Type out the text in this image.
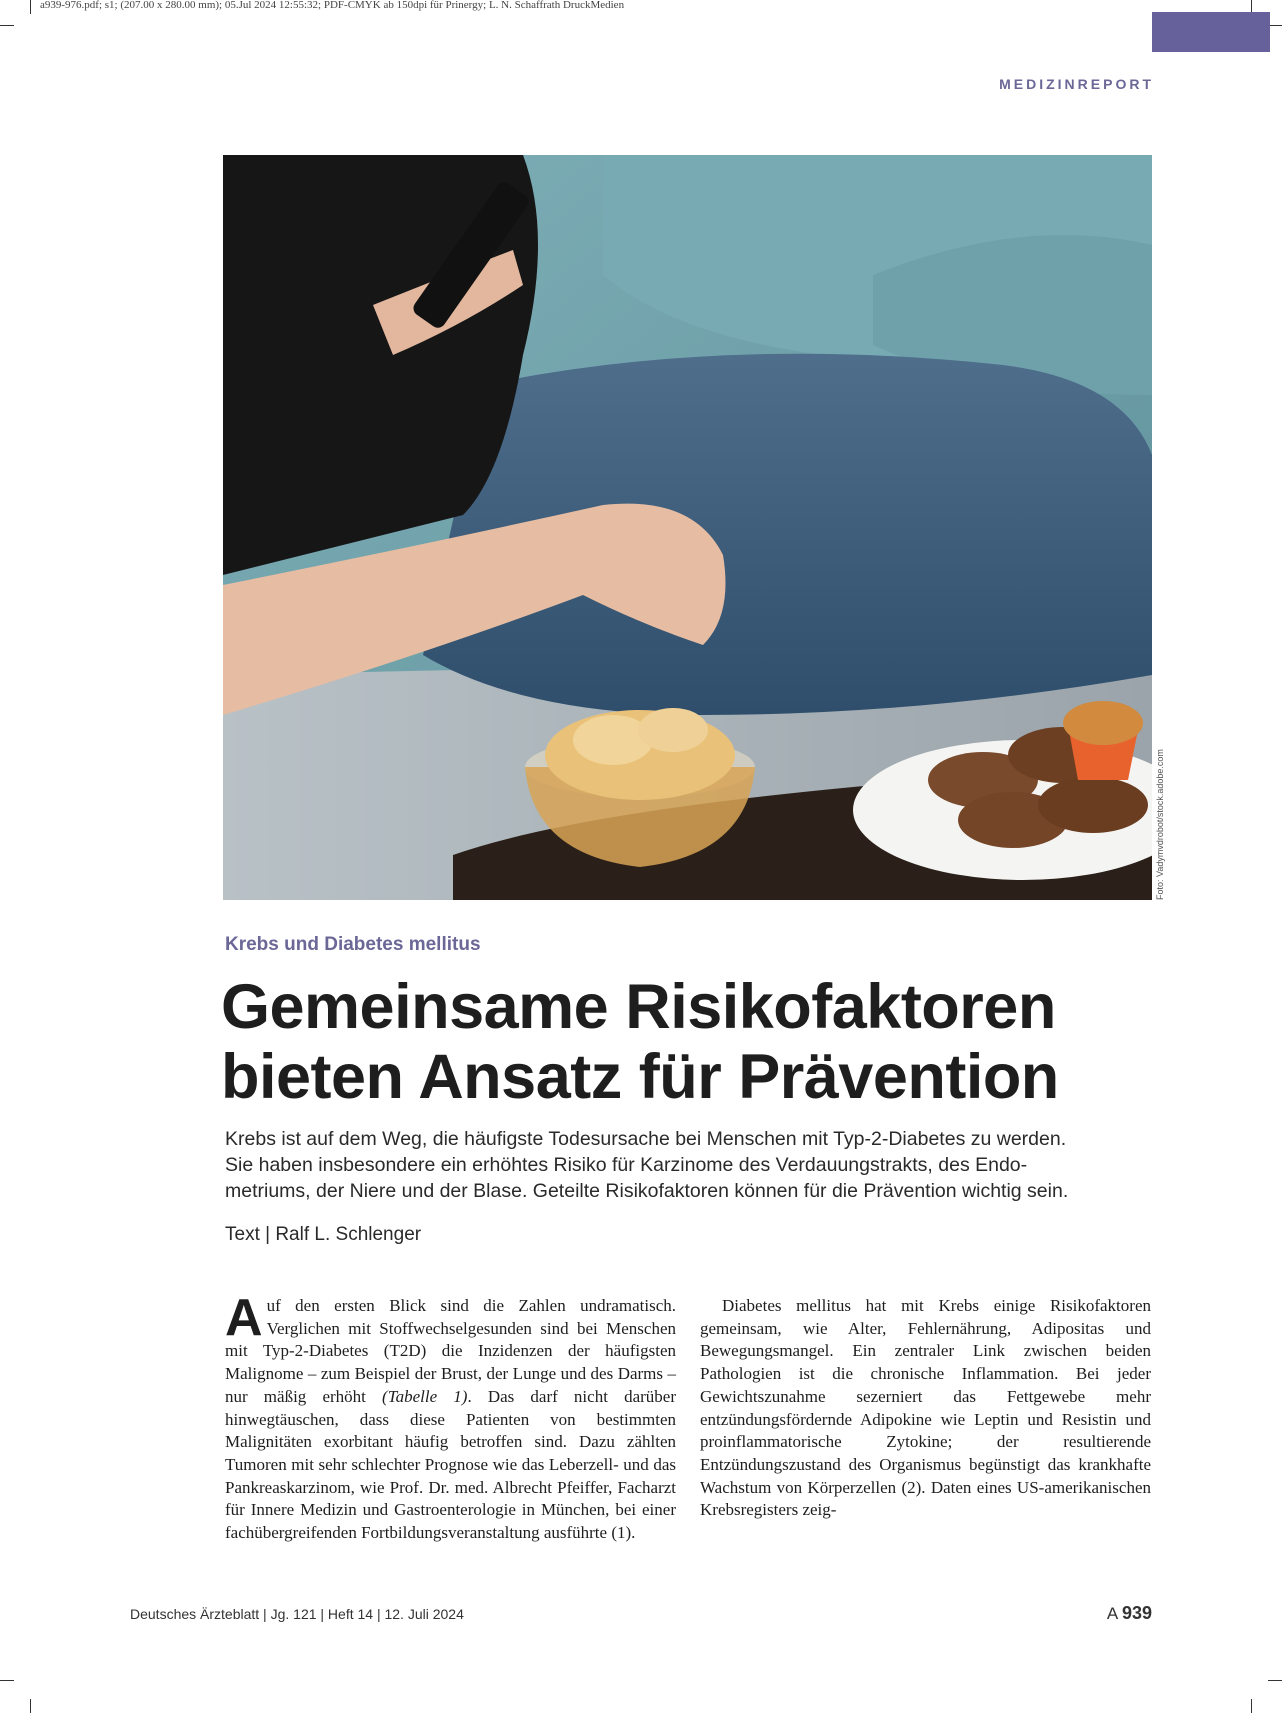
a939-976.pdf; s1; (207.00 x 280.00 mm); 05.Jul 2024 12:55:32; PDF-CMYK ab 150dpi für Prinergy; L. N. Schaffrath DruckMedien
MEDIZINREPORT
Foto: Vadymvdrobot/stock.adobe.com
Krebs und Diabetes mellitus
Gemeinsame Risikofaktoren
bieten Ansatz für Prävention
Krebs ist auf dem Weg, die häufigste Todesursache bei Menschen mit Typ-2-Diabetes zu werden.
Sie haben insbesondere ein erhöhtes Risiko für Karzinome des Verdauungstrakts, des Endo-
metriums, der Niere und der Blase. Geteilte Risikofaktoren können für die Prävention wichtig sein.
Text | Ralf L. Schlenger

Auf den ersten Blick sind die Zahlen undramatisch. Verglichen mit Stoffwechselgesunden sind bei Menschen mit Typ-2-Diabetes (T2D) die Inzidenzen der häufigsten Malignome – zum Beispiel der Brust, der Lunge und des Darms – nur mäßig erhöht (Tabelle 1). Das darf nicht darüber hinwegtäuschen, dass diese Patienten von bestimmten Malignitäten exorbitant häufig betroffen sind. Dazu zählten Tumoren mit sehr schlechter Prognose wie das Leberzell- und das Pankreaskarzinom, wie Prof. Dr. med. Albrecht Pfeiffer, Facharzt für Innere Medizin und Gastroenterologie in München, bei einer fachübergreifenden Fortbildungsveranstaltung ausführte (1).

Diabetes mellitus hat mit Krebs einige Risikofaktoren gemeinsam, wie Alter, Fehlernährung, Adipositas und Bewegungsmangel. Ein zentraler Link zwischen beiden Pathologien ist die chronische Inflammation. Bei jeder Gewichtszunahme sezerniert das Fettgewebe mehr entzündungsfördernde Adipokine wie Leptin und Resistin und proinflammatorische Zytokine; der resultierende Entzündungszustand des Organismus begünstigt das krankhafte Wachstum von Körperzellen (2). Daten eines US-amerikanischen Krebsregisters zeig-

Deutsches Ärzteblatt | Jg. 121 | Heft 14 | 12. Juli 2024	A 939
